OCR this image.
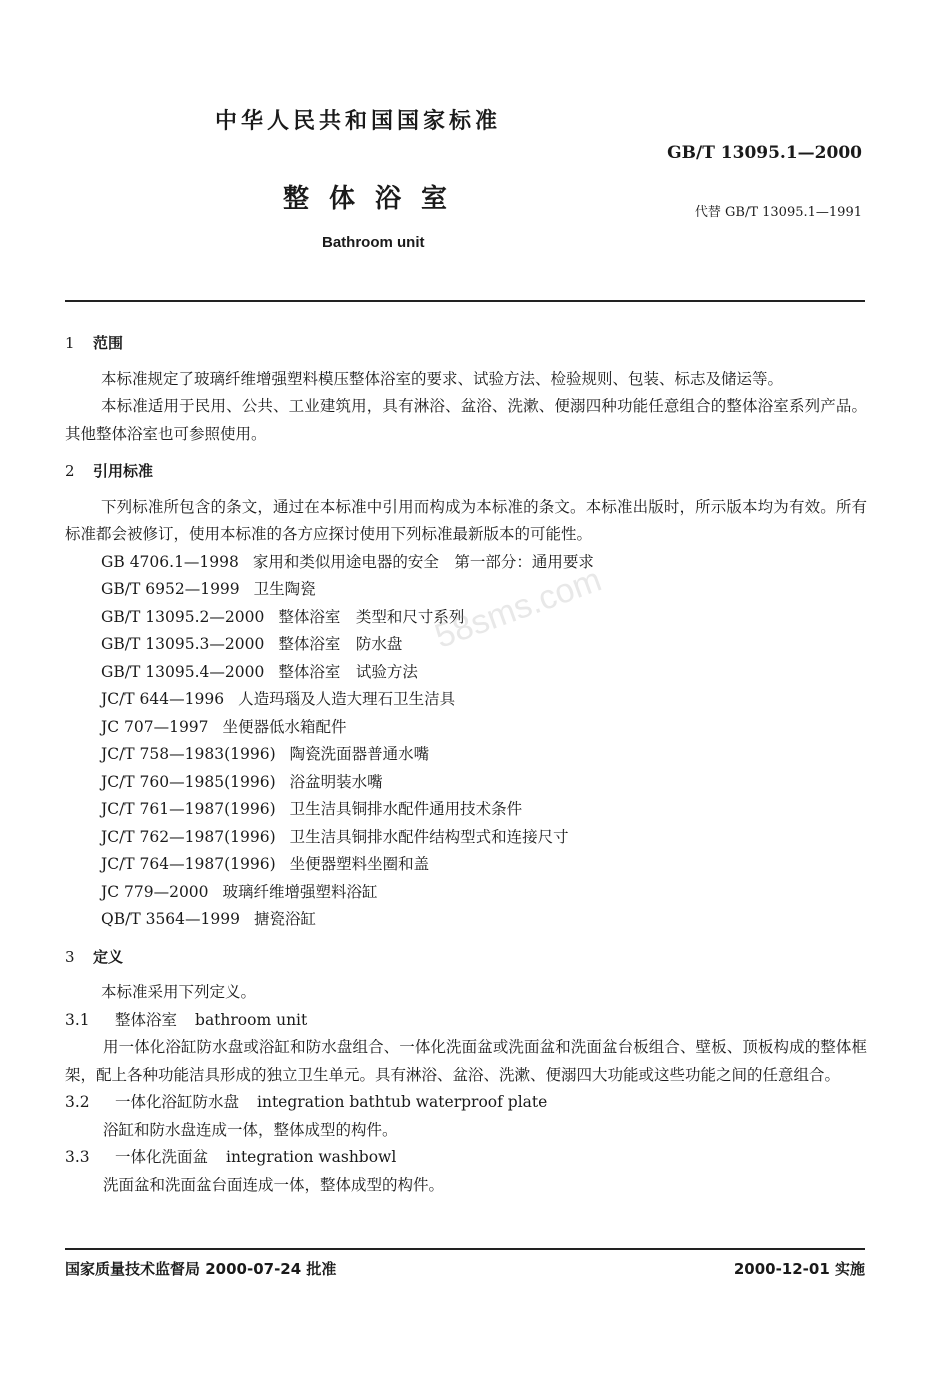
中华人民共和国国家标准
GB/T 13095.1—2000
整体浴室	代替 GB/T 13095.1—1991
Bathroom unit

1 范围

本标准规定了玻璃纤维增强塑料模压整体浴室的要求、试验方法、检验规则、包装、标志及储运等。

本标准适用于民用、公共、工业建筑用，具有淋浴、盆浴、洗漱、便溺四种功能任意组合的整体浴室系列产品。其他整体浴室也可参照使用。

2 引用标准

下列标准所包含的条文，通过在本标准中引用而构成为本标准的条文。本标准出版时，所示版本均为有效。所有标准都会被修订，使用本标准的各方应探讨使用下列标准最新版本的可能性。

GB 4706.1—1998 家用和类似用途电器的安全　第一部分：通用要求

GB/T 6952—1999 卫生陶瓷

GB/T 13095.2—2000 整体浴室　类型和尺寸系列

GB/T 13095.3—2000 整体浴室　防水盘

GB/T 13095.4—2000 整体浴室　试验方法

JC/T 644—1996 人造玛瑙及人造大理石卫生洁具

JC 707—1997 坐便器低水箱配件

JC/T 758—1983(1996) 陶瓷洗面器普通水嘴

JC/T 760—1985(1996) 浴盆明装水嘴

JC/T 761—1987(1996) 卫生洁具铜排水配件通用技术条件

JC/T 762—1987(1996) 卫生洁具铜排水配件结构型式和连接尺寸

JC/T 764—1987(1996) 坐便器塑料坐圈和盖

JC 779—2000 玻璃纤维增强塑料浴缸

QB/T 3564—1999 搪瓷浴缸

3 定义

本标准采用下列定义。

3.1 整体浴室 bathroom unit

用一体化浴缸防水盘或浴缸和防水盘组合、一体化洗面盆或洗面盆和洗面盆台板组合、壁板、顶板构成的整体框架，配上各种功能洁具形成的独立卫生单元。具有淋浴、盆浴、洗漱、便溺四大功能或这些功能之间的任意组合。

3.2 一体化浴缸防水盘 integration bathtub waterproof plate

浴缸和防水盘连成一体，整体成型的构件。

3.3 一体化洗面盆 integration washbowl

洗面盆和洗面盆台面连成一体，整体成型的构件。

国家质量技术监督局 2000-07-24 批准	2000-12-01 实施
58sms.com
